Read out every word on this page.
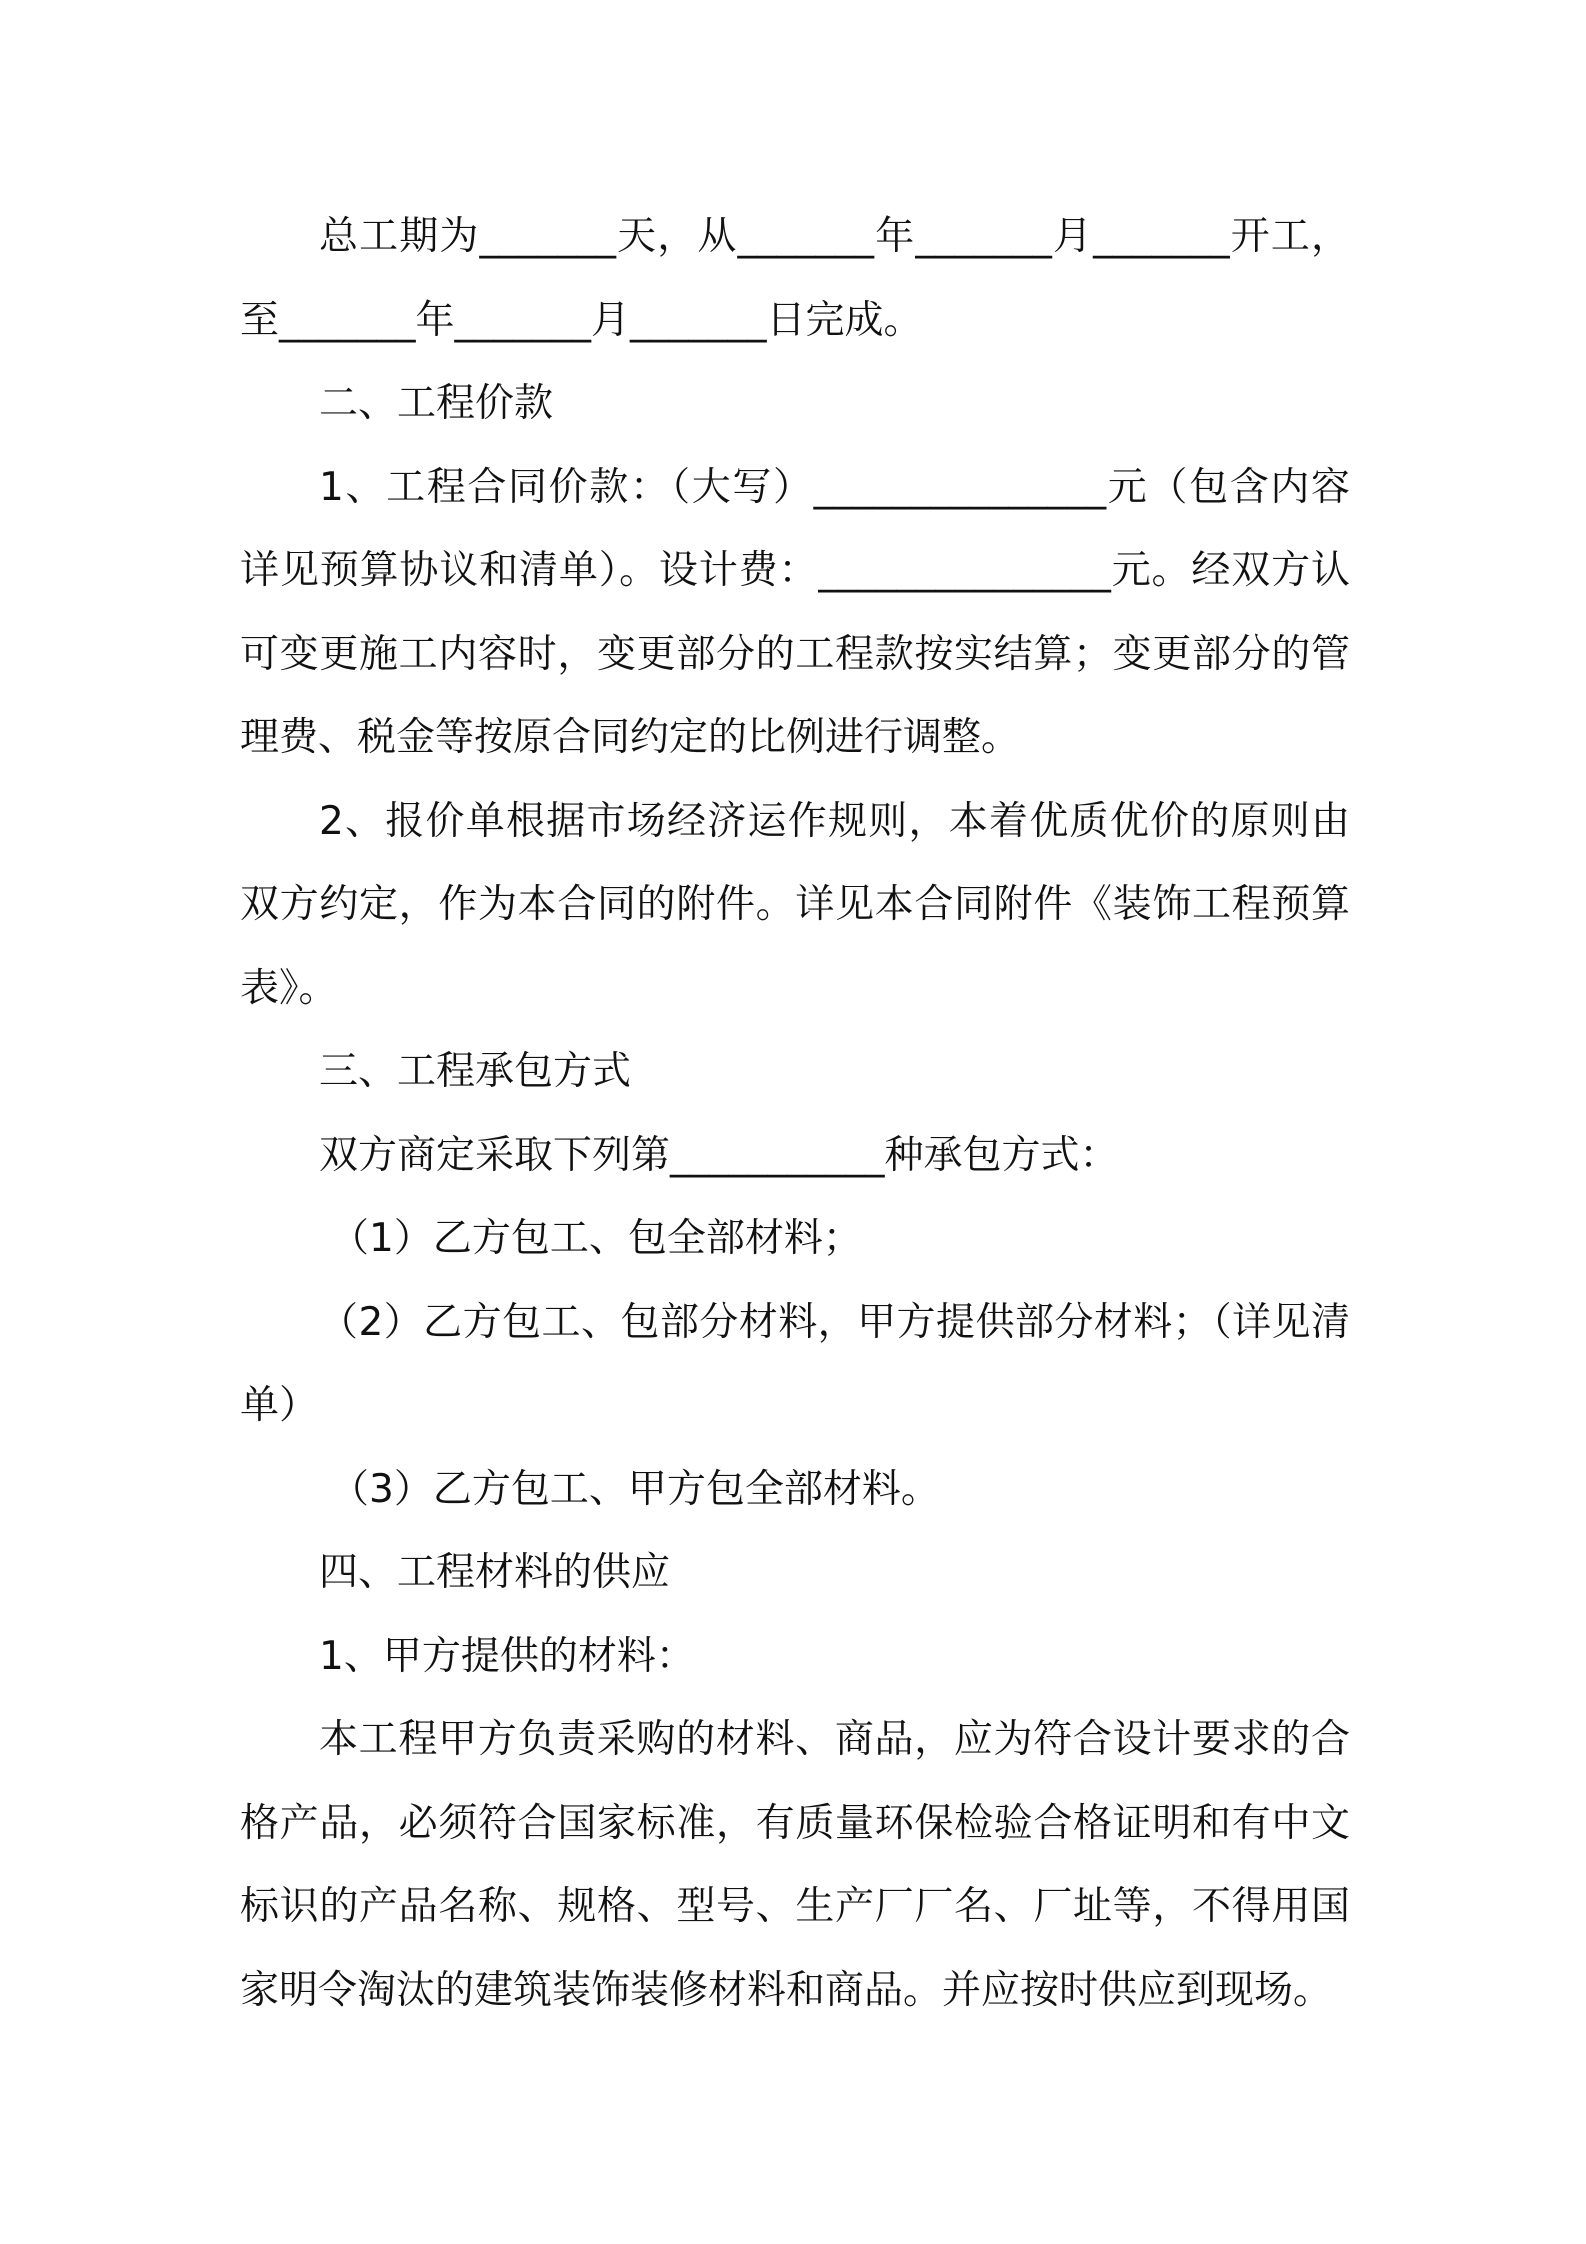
总工期为_______天，从_______年_______月_______开工，至_______年_______月_______日完成。

二、工程价款

1、工程合同价款：（大写）_______________元（包含内容详见预算协议和清单）。设计费：_______________元。经双方认可变更施工内容时，变更部分的工程款按实结算；变更部分的管理费、税金等按原合同约定的比例进行调整。

2、报价单根据市场经济运作规则，本着优质优价的原则由双方约定，作为本合同的附件。详见本合同附件《装饰工程预算表》。

三、工程承包方式

双方商定采取下列第___________种承包方式：

（1）乙方包工、包全部材料；

（2）乙方包工、包部分材料，甲方提供部分材料；（详见清单）

（3）乙方包工、甲方包全部材料。

四、工程材料的供应

1、甲方提供的材料：

本工程甲方负责采购的材料、商品，应为符合设计要求的合格产品，必须符合国家标准，有质量环保检验合格证明和有中文标识的产品名称、规格、型号、生产厂厂名、厂址等，不得用国家明令淘汰的建筑装饰装修材料和商品。并应按时供应到现场。
